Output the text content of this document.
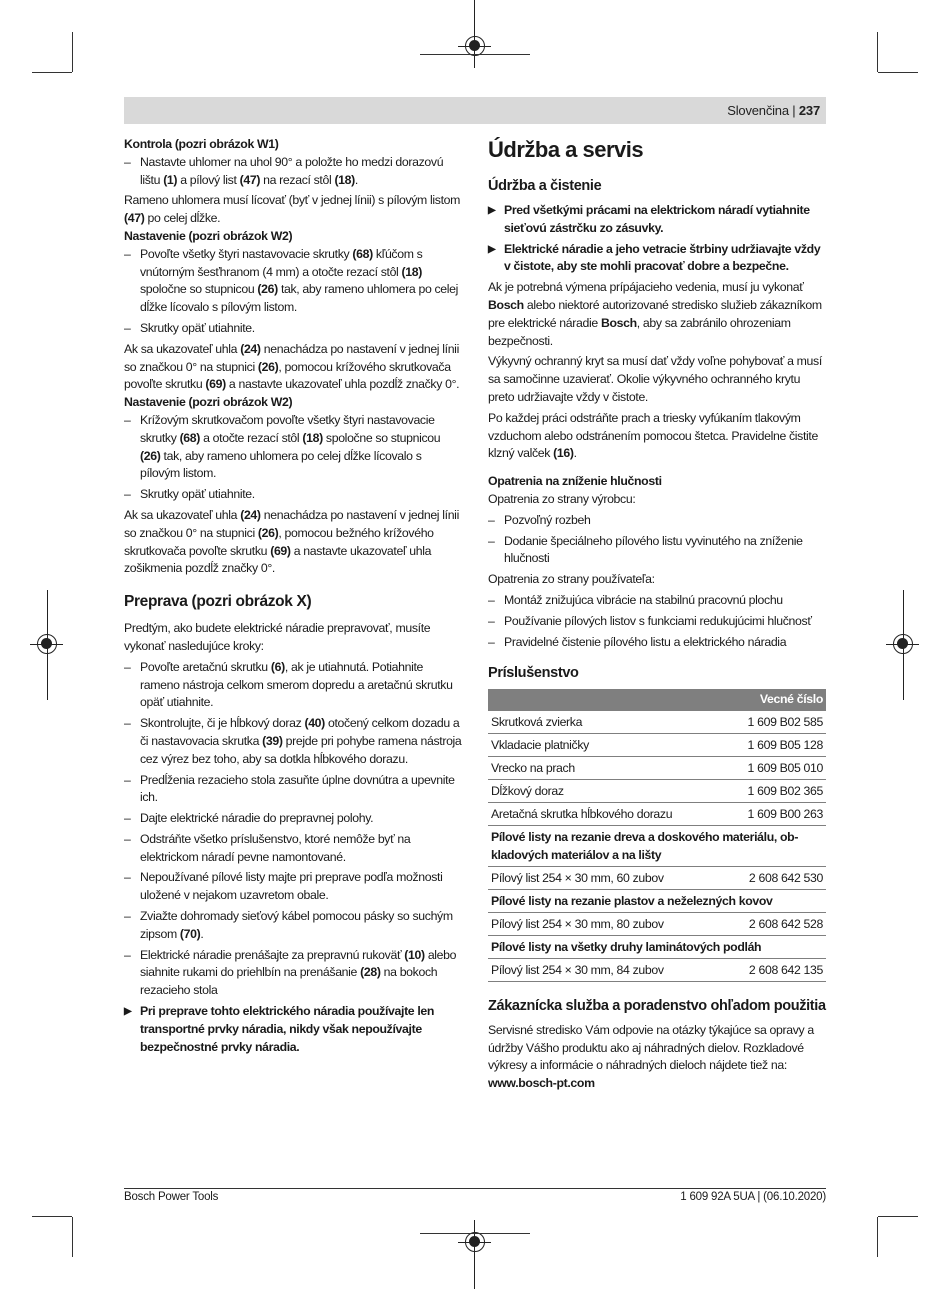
Slovenčina | 237

Kontrola (pozri obrázok W1)

– Nastavte uhlomer na uhol 90° a položte ho medzi dorazovú lištu (1) a pílový list (47) na rezací stôl (18).

Rameno uhlomera musí lícovať (byť v jednej línii) s pílovým listom (47) po celej dĺžke.

Nastavenie (pozri obrázok W2)

– Povoľte všetky štyri nastavovacie skrutky (68) kľúčom s vnútorným šesťhranom (4 mm) a otočte rezací stôl (18) spoločne so stupnicou (26) tak, aby rameno uhlomera po celej dĺžke lícovalo s pílovým listom.

– Skrutky opäť utiahnite.

Ak sa ukazovateľ uhla (24) nenachádza po nastavení v jednej línii so značkou 0° na stupnici (26), pomocou krížového skrutkovača povoľte skrutku (69) a nastavte ukazovateľ uhla pozdĺž značky 0°.

Nastavenie (pozri obrázok W2)

– Krížovým skrutkovačom povoľte všetky štyri nastavovacie skrutky (68) a otočte rezací stôl (18) spoločne so stupnicou (26) tak, aby rameno uhlomera po celej dĺžke lícovalo s pílovým listom.

– Skrutky opäť utiahnite.

Ak sa ukazovateľ uhla (24) nenachádza po nastavení v jednej línii so značkou 0° na stupnici (26), pomocou bežného krížového skrutkovača povoľte skrutku (69) a nastavte ukazovateľ uhla zošikmenia pozdĺž značky 0°.

Preprava (pozri obrázok X)

Predtým, ako budete elektrické náradie prepravovať, musíte vykonať nasledujúce kroky:

– Povoľte aretačnú skrutku (6), ak je utiahnutá. Potiahnite rameno nástroja celkom smerom dopredu a aretačnú skrutku opäť utiahnite.

– Skontrolujte, či je hĺbkový doraz (40) otočený celkom dozadu a či nastavovacia skrutka (39) prejde pri pohybe ramena nástroja cez výrez bez toho, aby sa dotkla hĺbkového dorazu.

– Predĺženia rezacieho stola zasuňte úplne dovnútra a upevnite ich.

– Dajte elektrické náradie do prepravnej polohy.

– Odstráňte všetko príslušenstvo, ktoré nemôže byť na elektrickom náradí pevne namontované.

– Nepoužívané pílové listy majte pri preprave podľa možnosti uložené v nejakom uzavretom obale.

– Zviažte dohromady sieťový kábel pomocou pásky so suchým zipsom (70).

– Elektrické náradie prenášajte za prepravnú rukoväť (10) alebo siahnite rukami do priehlbín na prenášanie (28) na bokoch rezacieho stola

▶ Pri preprave tohto elektrického náradia používajte len transportné prvky náradia, nikdy však nepoužívajte bezpečnostné prvky náradia.

Údržba a servis

Údržba a čistenie

▶ Pred všetkými prácami na elektrickom náradí vytiahnite sieťovú zástrčku zo zásuvky.

▶ Elektrické náradie a jeho vetracie štrbiny udržiavajte vždy v čistote, aby ste mohli pracovať dobre a bezpečne.

Ak je potrebná výmena prípájacieho vedenia, musí ju vykonať Bosch alebo niektoré autorizované stredisko služieb zákazníkom pre elektrické náradie Bosch, aby sa zabránilo ohrozeniam bezpečnosti.

Výkyvný ochranný kryt sa musí dať vždy voľne pohybovať a musí sa samočinne uzavierať. Okolie výkyvného ochranného krytu preto udržiavajte vždy v čistote.

Po každej práci odstráňte prach a triesky vyfúkaním tlakovým vzduchom alebo odstránením pomocou štetca. Pravidelne čistite klzný valček (16).

Opatrenia na zníženie hlučnosti

Opatrenia zo strany výrobcu:

– Pozvoľný rozbeh

– Dodanie špeciálneho pílového listu vyvinutého na zníženie hlučnosti

Opatrenia zo strany používateľa:

– Montáž znižujúca vibrácie na stabilnú pracovnú plochu

– Používanie pílových listov s funkciami redukujúcimi hlučnosť

– Pravidelné čistenie pílového listu a elektrického náradia

Príslušenstvo

Vecné číslo	
Skrutková zvierka	1 609 B02 585
Vkladacie platničky	1 609 B05 128
Vrecko na prach	1 609 B05 010
Dĺžkový doraz	1 609 B02 365
Aretačná skrutka hĺbkového dorazu	1 609 B00 263
Pílové listy na rezanie dreva a doskového materiálu, obkladových materiálov a na lišty	
Pílový list 254 × 30 mm, 60 zubov	2 608 642 530
Pílové listy na rezanie plastov a neželezných kovov	
Pílový list 254 × 30 mm, 80 zubov	2 608 642 528
Pílové listy na všetky druhy laminátových podláh	
Pílový list 254 × 30 mm, 84 zubov	2 608 642 135

Zákaznícka služba a poradenstvo ohľadom použitia

Servisné stredisko Vám odpovie na otázky týkajúce sa opravy a údržby Vášho produktu ako aj náhradných dielov. Rozkladové výkresy a informácie o náhradných dieloch nájdete tiež na: www.bosch-pt.com

Bosch Power Tools	1 609 92A 5UA | (06.10.2020)
